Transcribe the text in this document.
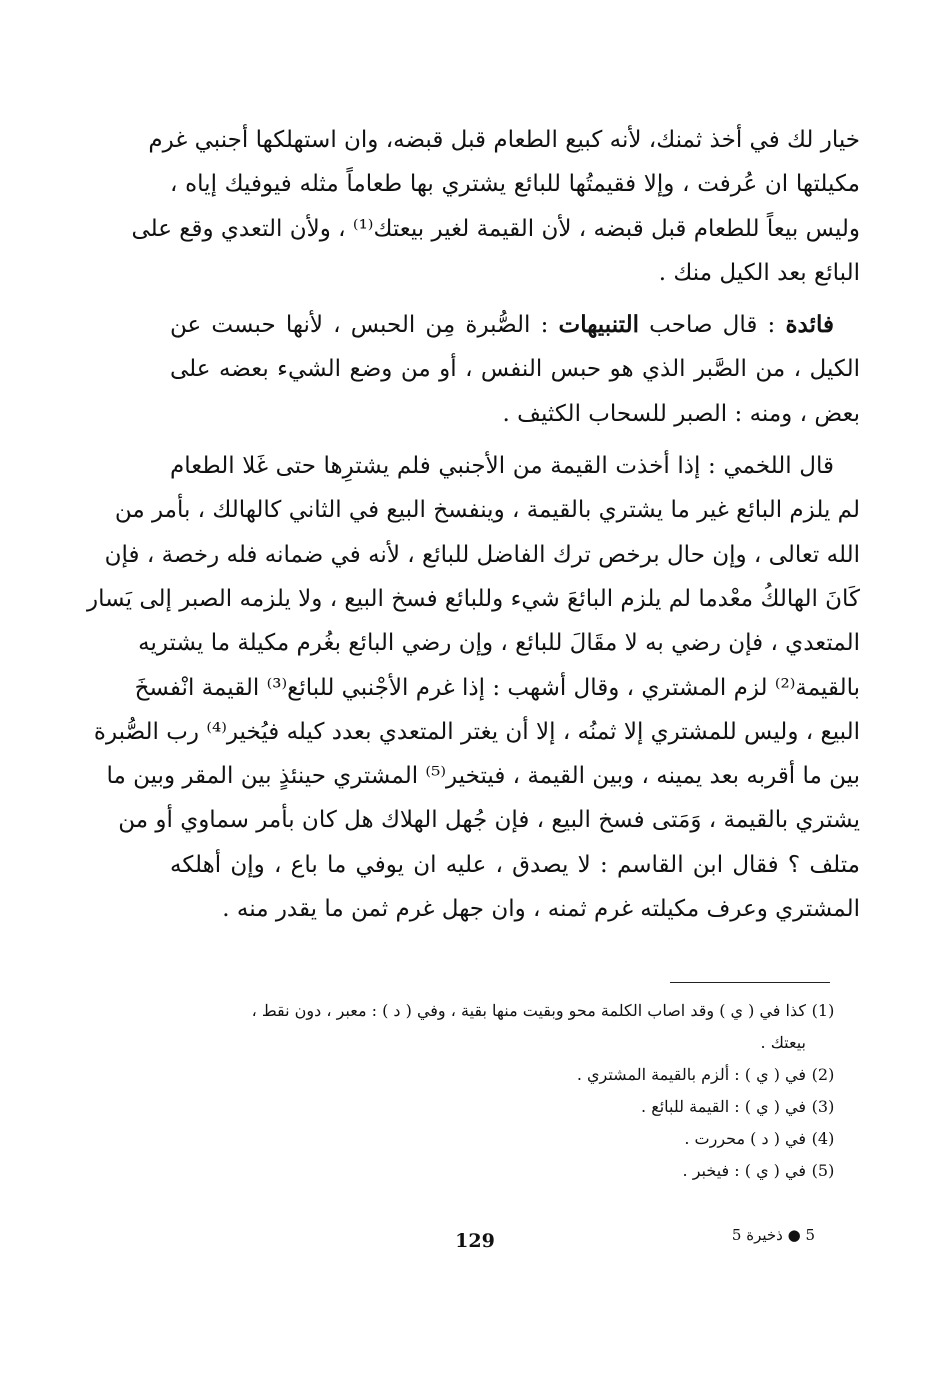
خيار لك في أخذ ثمنك، لأنه كبيع الطعام قبل قبضه، وان استهلكها أجنبي غرم
مكيلتها ان عُرفت ، وإلا فقيمتُها للبائع يشتري بها طعاماً مثله فيوفيك إياه ،
وليس بيعاً للطعام قبل قبضه ، لأن القيمة لغير بيعتك⁽¹⁾ ، ولأن التعدي وقع على
البائع بعد الكيل منك .
فائدة : قال صاحب التنبيهات : الصُّبرة مِن الحبس ، لأنها حبست عن
الكيل ، من الصَّبر الذي هو حبس النفس ، أو من وضع الشيء بعضه على
بعض ، ومنه : الصبر للسحاب الكثيف .
قال اللخمي : إذا أخذت القيمة من الأجنبي فلم يشترِها حتى غَلا الطعام
لم يلزم البائع غير ما يشتري بالقيمة ، وينفسخ البيع في الثاني كالهالك ، بأمر من
الله تعالى ، وإن حال برخص ترك الفاضل للبائع ، لأنه في ضمانه فله رخصة ، فإن
كَانَ الهالكُ معْدما لم يلزم البائعَ شيء وللبائع فسخ البيع ، ولا يلزمه الصبر إلى يَسار
المتعدي ، فإن رضي به لا مقَالَ للبائع ، وإن رضي البائع بغُرم مكيلة ما يشتريه
بالقيمة⁽²⁾ لزم المشتري ، وقال أشهب : إذا غرم الأجْنبي للبائع⁽³⁾ القيمة انْفسخَ
البيع ، وليس للمشتري إلا ثمنُه ، إلا أن يغتر المتعدي بعدد كيله فيُخير⁽⁴⁾ رب الصُّبرة
بين ما أقربه بعد يمينه ، وبين القيمة ، فيتخير⁽⁵⁾ المشتري حينئذٍ بين المقر وبين ما
يشتري بالقيمة ، وَمَتى فسخ البيع ، فإن جُهل الهلاك هل كان بأمر سماوي أو من
متلف ؟ فقال ابن القاسم : لا يصدق ، عليه ان يوفي ما باع ، وإن أهلكه
المشتري وعرف مكيلته غرم ثمنه ، وان جهل غرم ثمن ما يقدر منه .
(1)كذا في ( ي ) وقد اصاب الكلمة محو وبقيت منها بقية ، وفي ( د ) : معبر ، دون نقط ،
بيعتك .
(2)في ( ي ) : ألزم بالقيمة المشتري .
(3)في ( ي ) : القيمة للبائع .
(4)في ( د ) محررت .
(5)في ( ي ) : فيخبر .
5 ● ذخيرة 5
129
